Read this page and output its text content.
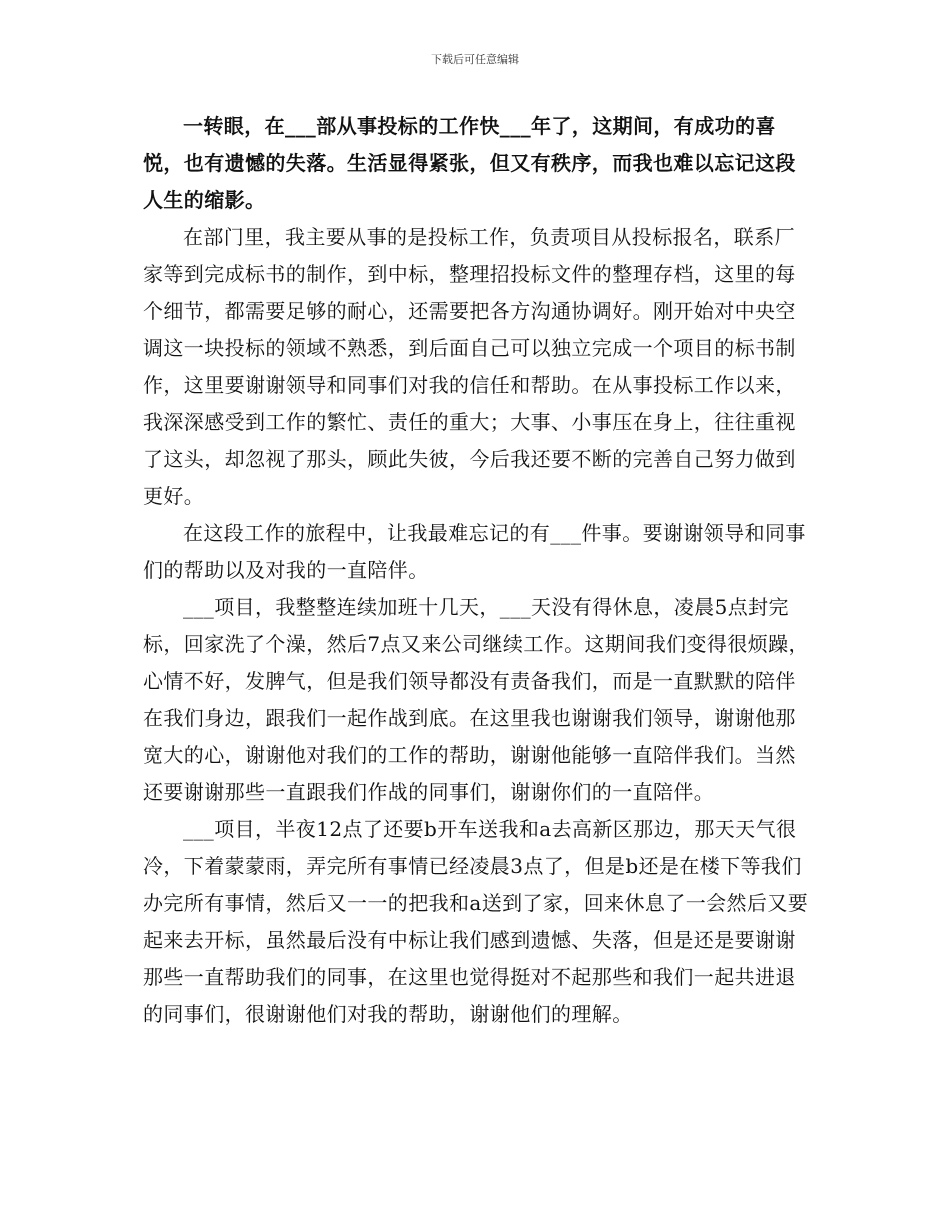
下载后可任意编辑

一转眼，在___部从事投标的工作快___年了，这期间，有成功的喜悦，也有遗憾的失落。生活显得紧张，但又有秩序，而我也难以忘记这段人生的缩影。

在部门里，我主要从事的是投标工作，负责项目从投标报名，联系厂家等到完成标书的制作，到中标，整理招投标文件的整理存档，这里的每个细节，都需要足够的耐心，还需要把各方沟通协调好。刚开始对中央空调这一块投标的领域不熟悉，到后面自己可以独立完成一个项目的标书制作，这里要谢谢领导和同事们对我的信任和帮助。在从事投标工作以来，我深深感受到工作的繁忙、责任的重大；大事、小事压在身上，往往重视了这头，却忽视了那头，顾此失彼，今后我还要不断的完善自己努力做到更好。

在这段工作的旅程中，让我最难忘记的有___件事。要谢谢领导和同事们的帮助以及对我的一直陪伴。

___项目，我整整连续加班十几天，___天没有得休息，凌晨5点封完标，回家洗了个澡，然后7点又来公司继续工作。这期间我们变得很烦躁，心情不好，发脾气，但是我们领导都没有责备我们，而是一直默默的陪伴在我们身边，跟我们一起作战到底。在这里我也谢谢我们领导，谢谢他那宽大的心，谢谢他对我们的工作的帮助，谢谢他能够一直陪伴我们。当然还要谢谢那些一直跟我们作战的同事们，谢谢你们的一直陪伴。

___项目，半夜12点了还要b开车送我和a去高新区那边，那天天气很冷，下着蒙蒙雨，弄完所有事情已经凌晨3点了，但是b还是在楼下等我们办完所有事情，然后又一一的把我和a送到了家，回来休息了一会然后又要起来去开标，虽然最后没有中标让我们感到遗憾、失落，但是还是要谢谢那些一直帮助我们的同事，在这里也觉得挺对不起那些和我们一起共进退的同事们，很谢谢他们对我的帮助，谢谢他们的理解。
